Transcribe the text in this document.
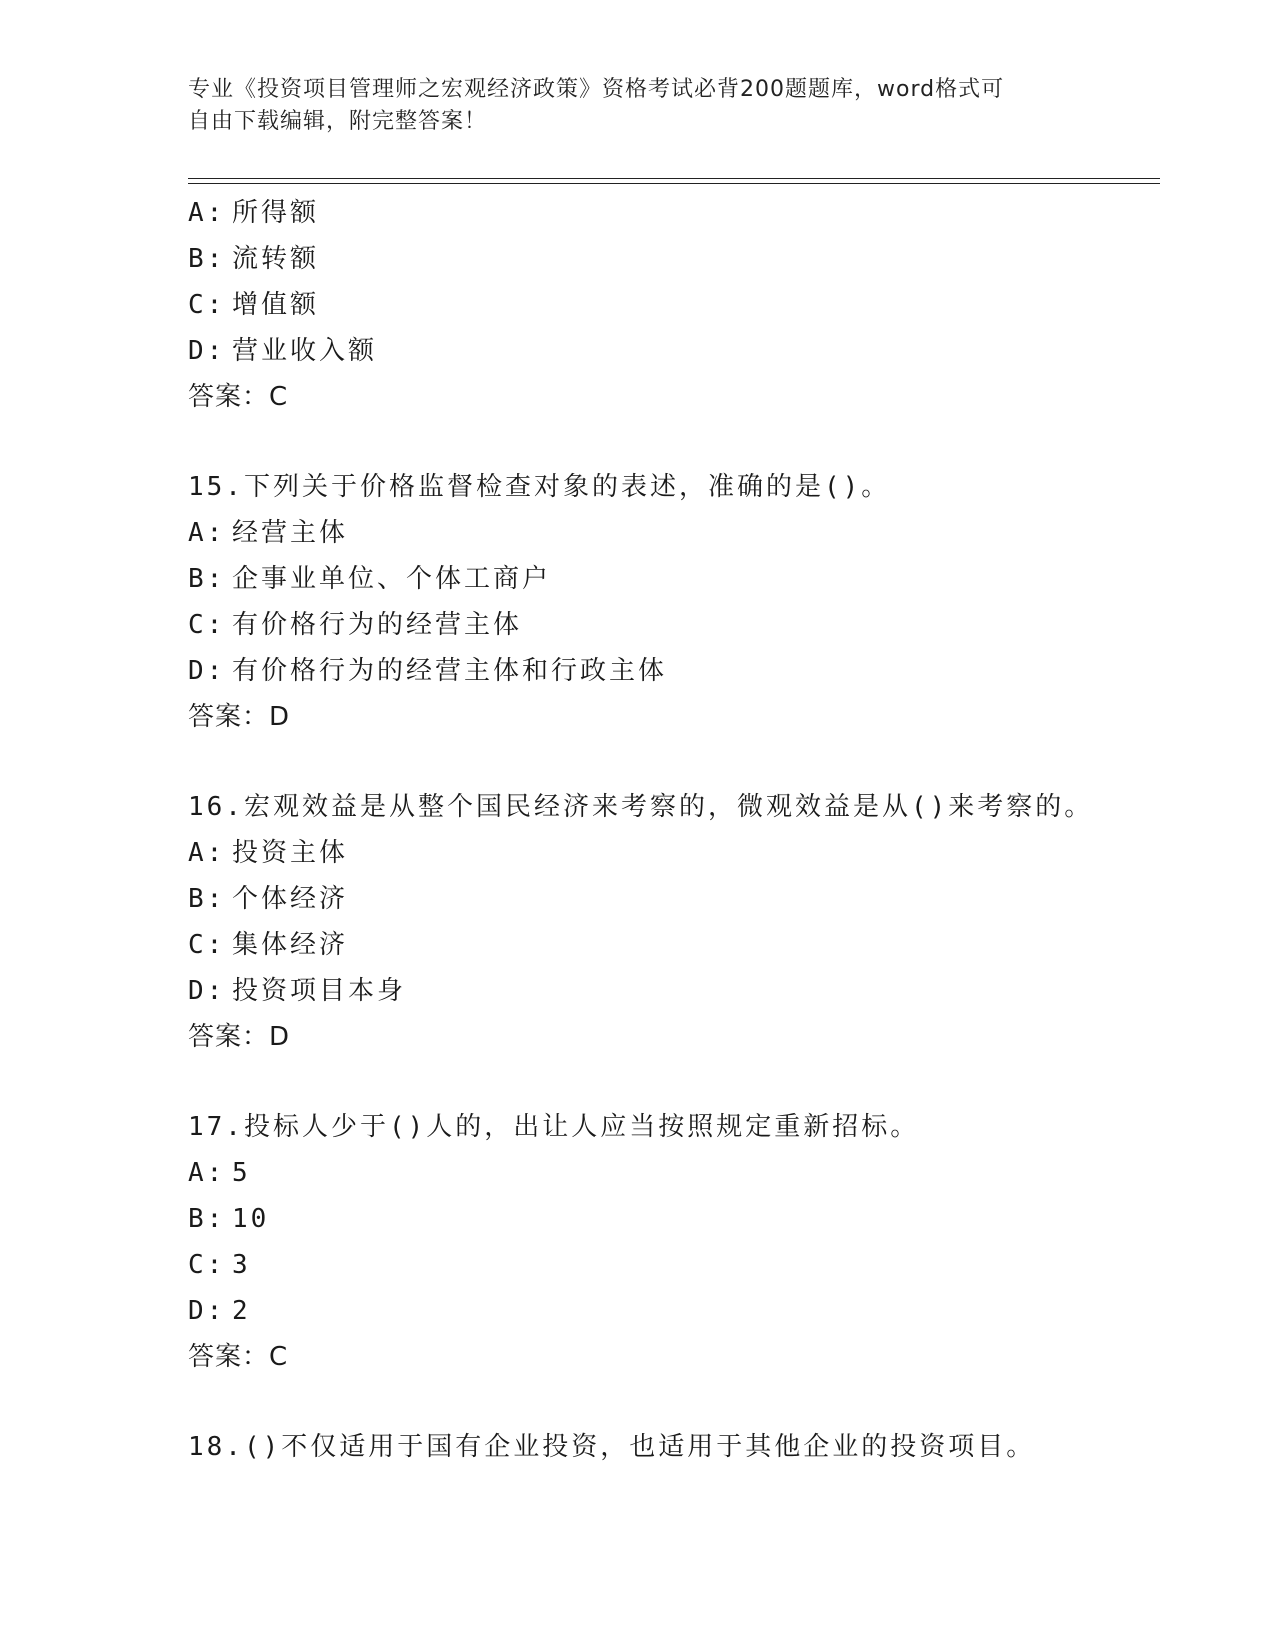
专业《投资项目管理师之宏观经济政策》资格考试必背200题题库，word格式可
自由下载编辑，附完整答案！
A: 所得额
B: 流转额
C: 增值额
D: 营业收入额
答案：C
15.下列关于价格监督检查对象的表述，准确的是()。
A: 经营主体
B: 企事业单位、个体工商户
C: 有价格行为的经营主体
D: 有价格行为的经营主体和行政主体
答案：D
16.宏观效益是从整个国民经济来考察的，微观效益是从()来考察的。
A: 投资主体
B: 个体经济
C: 集体经济
D: 投资项目本身
答案：D
17.投标人少于()人的，出让人应当按照规定重新招标。
A: 5
B: 10
C: 3
D: 2
答案：C
18.()不仅适用于国有企业投资，也适用于其他企业的投资项目。
